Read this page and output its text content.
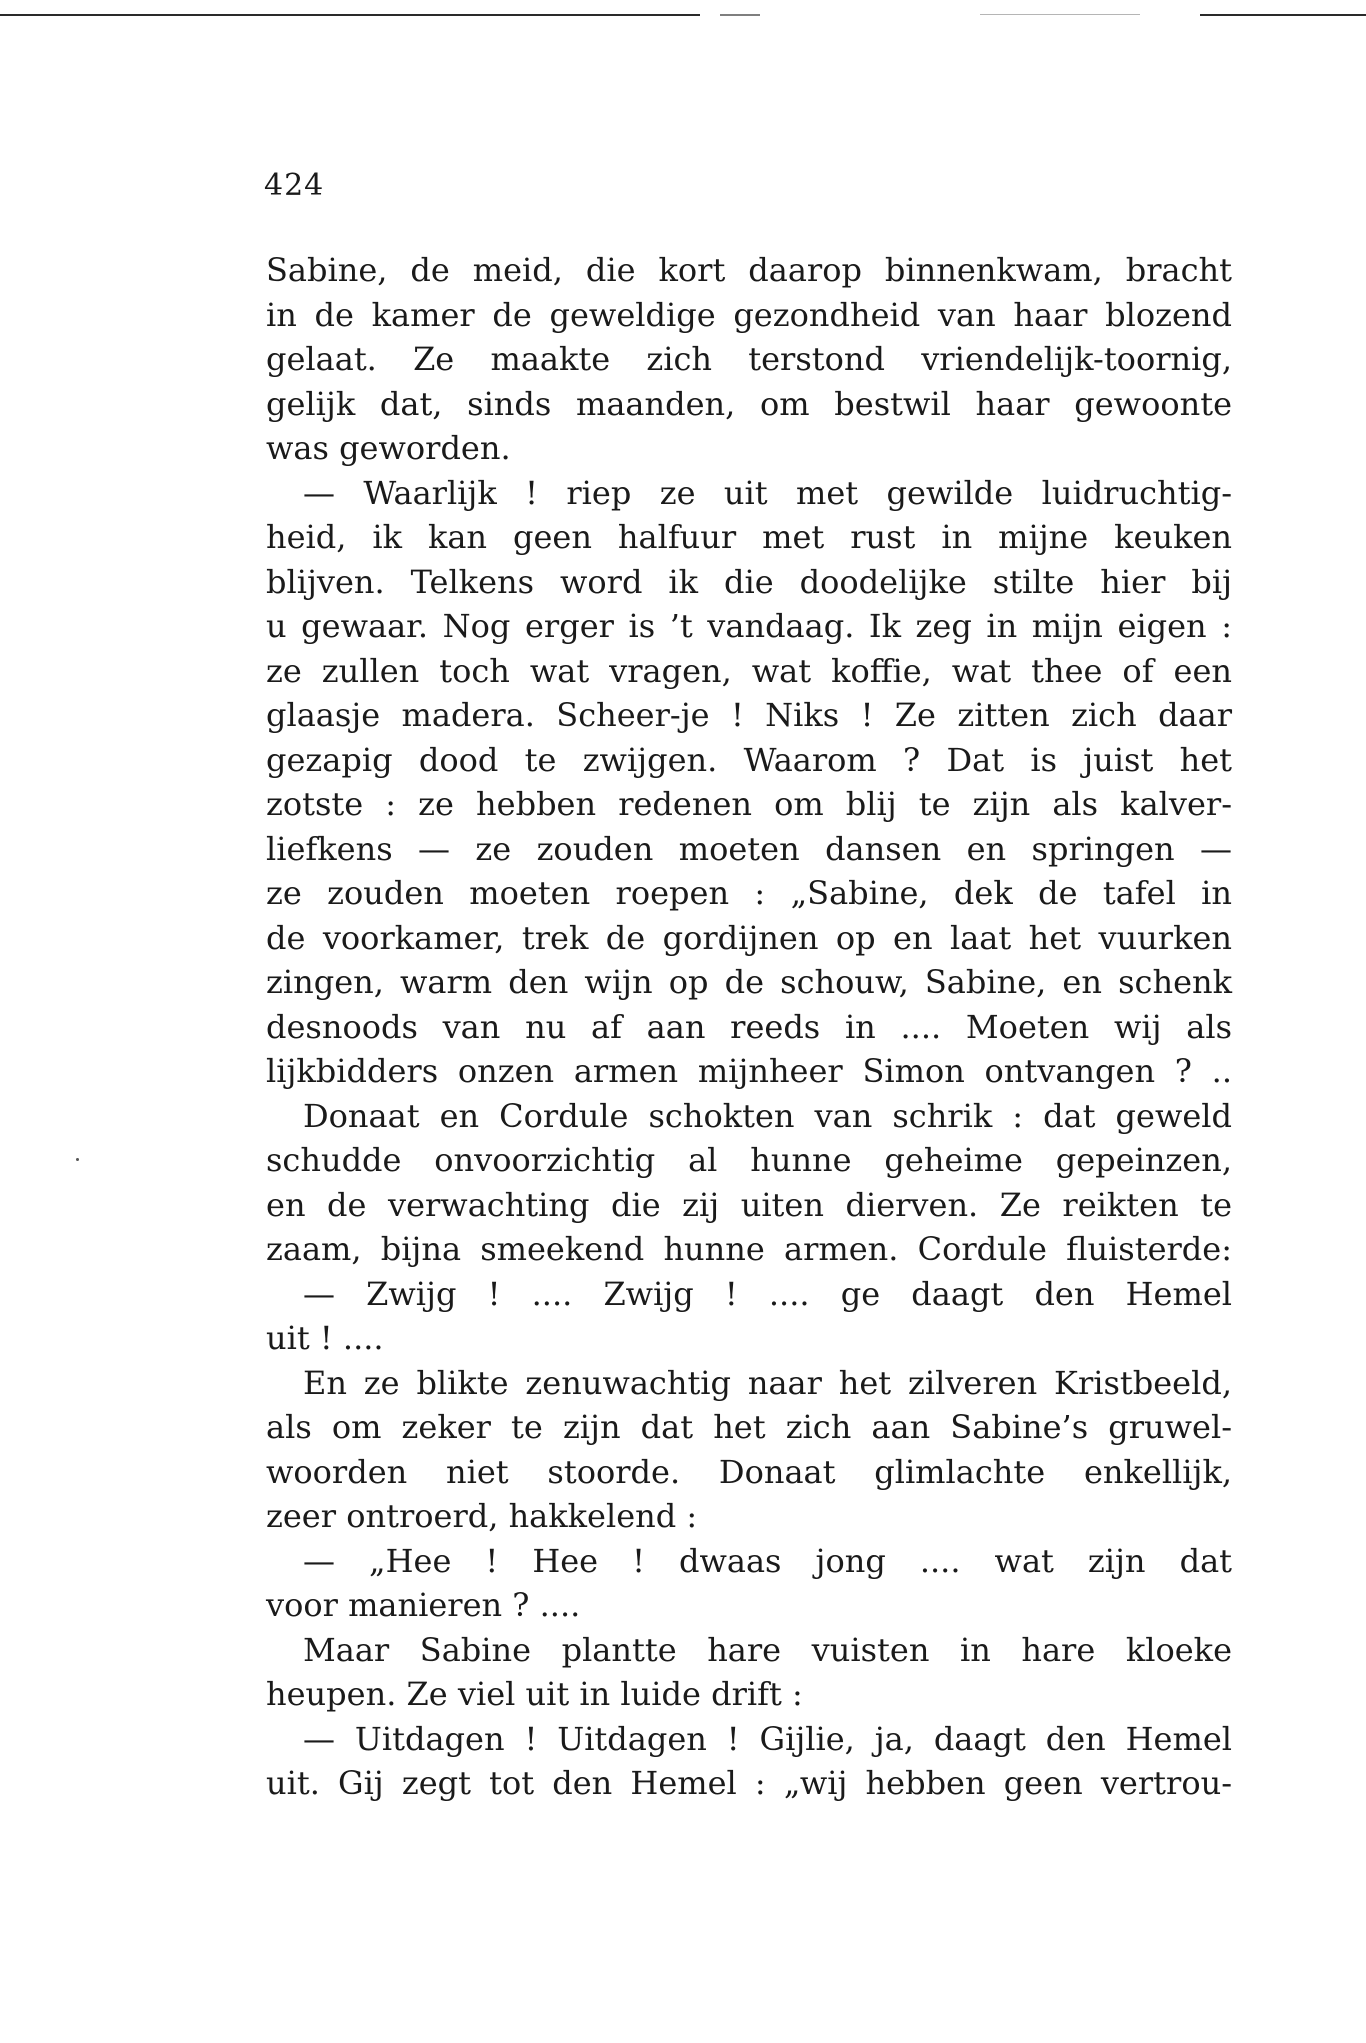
424
Sabine, de meid, die kort daarop binnenkwam, bracht
in de kamer de geweldige gezondheid van haar blozend
gelaat. Ze maakte zich terstond vriendelijk-toornig,
gelijk dat, sinds maanden, om bestwil haar gewoonte
was geworden.
— Waarlijk ! riep ze uit met gewilde luidruchtig-
heid, ik kan geen halfuur met rust in mijne keuken
blijven. Telkens word ik die doodelijke stilte hier bij
u gewaar. Nog erger is ’t vandaag. Ik zeg in mijn eigen :
ze zullen toch wat vragen, wat koffie, wat thee of een
glaasje madera. Scheer-je ! Niks ! Ze zitten zich daar
gezapig dood te zwijgen. Waarom ? Dat is juist het
zotste : ze hebben redenen om blij te zijn als kalver-
liefkens — ze zouden moeten dansen en springen —
ze zouden moeten roepen : „Sabine, dek de tafel in
de voorkamer, trek de gordijnen op en laat het vuurken
zingen, warm den wijn op de schouw, Sabine, en schenk
desnoods van nu af aan reeds in .... Moeten wij als
lijkbidders onzen armen mijnheer Simon ontvangen ? ..
Donaat en Cordule schokten van schrik : dat geweld
schudde onvoorzichtig al hunne geheime gepeinzen,
en de verwachting die zij uiten dierven. Ze reikten te
zaam, bijna smeekend hunne armen. Cordule fluisterde:
— Zwijg ! .... Zwijg ! .... ge daagt den Hemel
uit ! ....
En ze blikte zenuwachtig naar het zilveren Kristbeeld,
als om zeker te zijn dat het zich aan Sabine’s gruwel-
woorden niet stoorde. Donaat glimlachte enkellijk,
zeer ontroerd, hakkelend :
— „Hee ! Hee ! dwaas jong .... wat zijn dat
voor manieren ? ....
Maar Sabine plantte hare vuisten in hare kloeke
heupen. Ze viel uit in luide drift :
— Uitdagen ! Uitdagen ! Gijlie, ja, daagt den Hemel
uit. Gij zegt tot den Hemel : „wij hebben geen vertrou-
